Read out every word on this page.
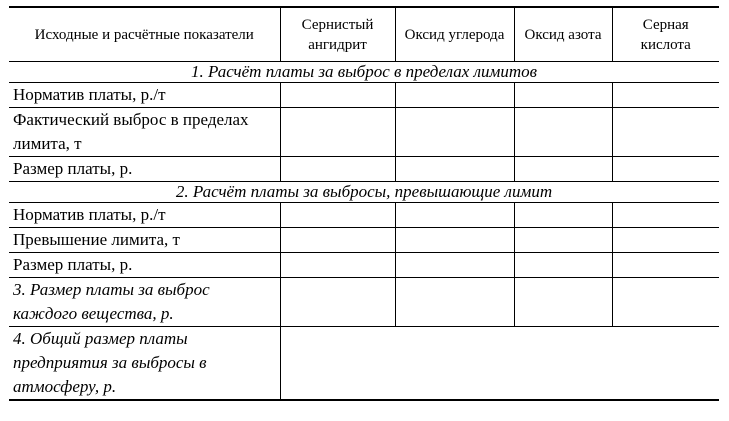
Исходные и расчётные показатели	Сернистый ангидрит	Оксид углерода	Оксид азота	Серная кислота
1. Расчёт платы за выброс в пределах лимитов				
Норматив платы, р./т				
Фактический выброс в пределах лимита, т				
Размер платы, р.				
2. Расчёт платы за выбросы, превышающие лимит				
Норматив платы, р./т				
Превышение лимита, т				
Размер платы, р.				
3. Размер платы за выброс каждого вещества, р.				
4. Общий размер платы предприятия за выбросы в атмосферу, р.				
